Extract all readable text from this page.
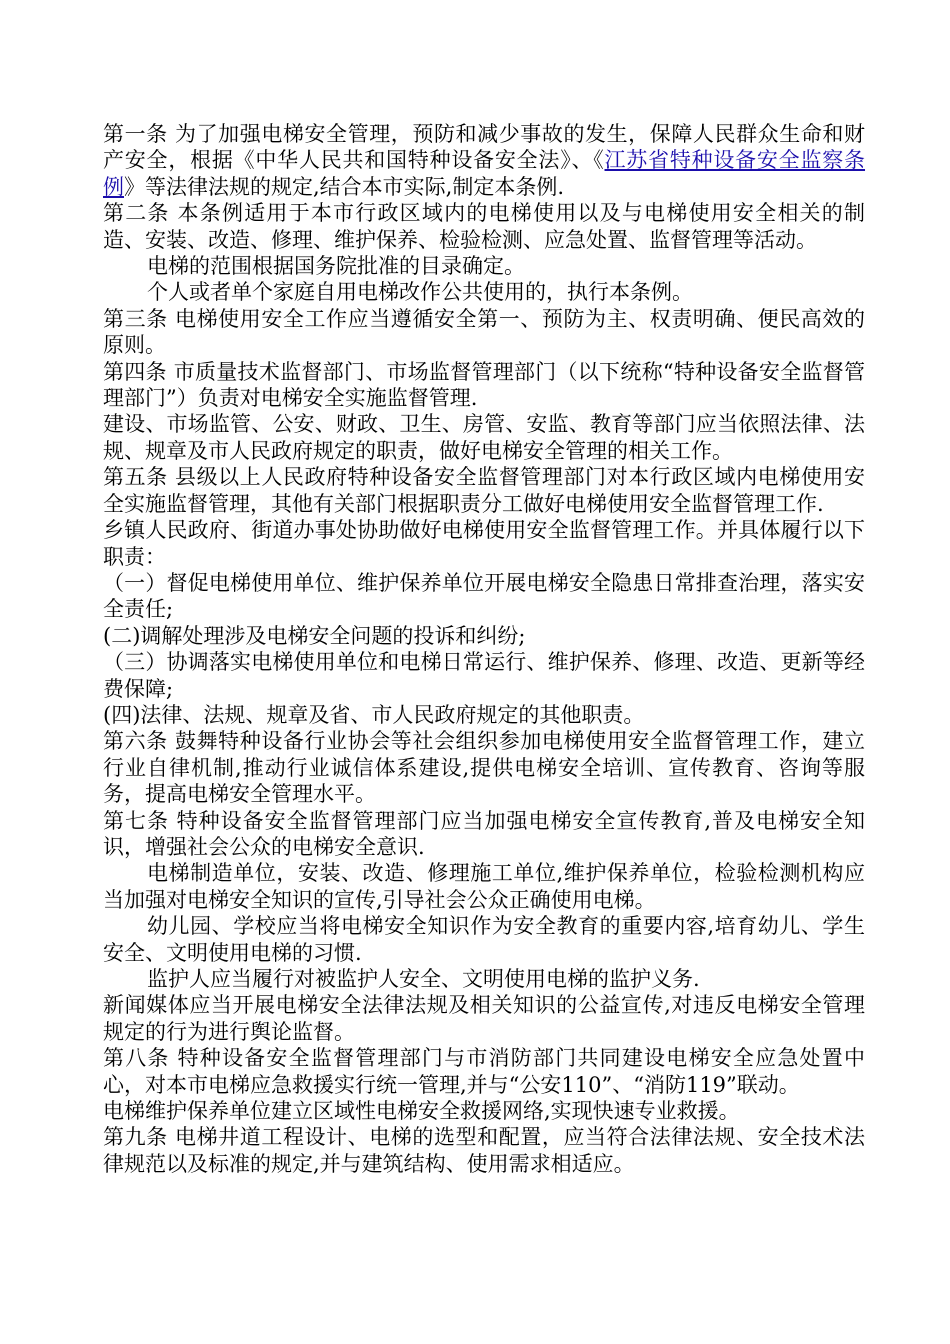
第一条 为了加强电梯安全管理，预防和减少事故的发生，保障人民群众生命和财产安全，根据《中华人民共和国特种设备安全法》、《江苏省特种设备安全监察条例》等法律法规的规定,结合本市实际,制定本条例.

第二条 本条例适用于本市行政区域内的电梯使用以及与电梯使用安全相关的制造、安装、改造、修理、维护保养、检验检测、应急处置、监督管理等活动。

电梯的范围根据国务院批准的目录确定。

个人或者单个家庭自用电梯改作公共使用的，执行本条例。

第三条 电梯使用安全工作应当遵循安全第一、预防为主、权责明确、便民高效的原则。

第四条 市质量技术监督部门、市场监督管理部门（以下统称“特种设备安全监督管理部门”）负责对电梯安全实施监督管理.

建设、市场监管、公安、财政、卫生、房管、安监、教育等部门应当依照法律、法规、规章及市人民政府规定的职责，做好电梯安全管理的相关工作。

第五条 县级以上人民政府特种设备安全监督管理部门对本行政区域内电梯使用安全实施监督管理，其他有关部门根据职责分工做好电梯使用安全监督管理工作.

乡镇人民政府、街道办事处协助做好电梯使用安全监督管理工作。并具体履行以下职责：

（一）督促电梯使用单位、维护保养单位开展电梯安全隐患日常排查治理，落实安全责任;

(二)调解处理涉及电梯安全问题的投诉和纠纷;

（三）协调落实电梯使用单位和电梯日常运行、维护保养、修理、改造、更新等经费保障;

(四)法律、法规、规章及省、市人民政府规定的其他职责。

第六条 鼓舞特种设备行业协会等社会组织参加电梯使用安全监督管理工作，建立行业自律机制,推动行业诚信体系建设,提供电梯安全培训、宣传教育、咨询等服务，提高电梯安全管理水平。

第七条 特种设备安全监督管理部门应当加强电梯安全宣传教育,普及电梯安全知识，增强社会公众的电梯安全意识.

电梯制造单位，安装、改造、修理施工单位,维护保养单位，检验检测机构应当加强对电梯安全知识的宣传,引导社会公众正确使用电梯。

幼儿园、学校应当将电梯安全知识作为安全教育的重要内容,培育幼儿、学生安全、文明使用电梯的习惯.

监护人应当履行对被监护人安全、文明使用电梯的监护义务.

新闻媒体应当开展电梯安全法律法规及相关知识的公益宣传,对违反电梯安全管理规定的行为进行舆论监督。

第八条 特种设备安全监督管理部门与市消防部门共同建设电梯安全应急处置中心，对本市电梯应急救援实行统一管理,并与“公安110”、“消防119”联动。

电梯维护保养单位建立区域性电梯安全救援网络,实现快速专业救援。

第九条 电梯井道工程设计、电梯的选型和配置，应当符合法律法规、安全技术法律规范以及标准的规定,并与建筑结构、使用需求相适应。
